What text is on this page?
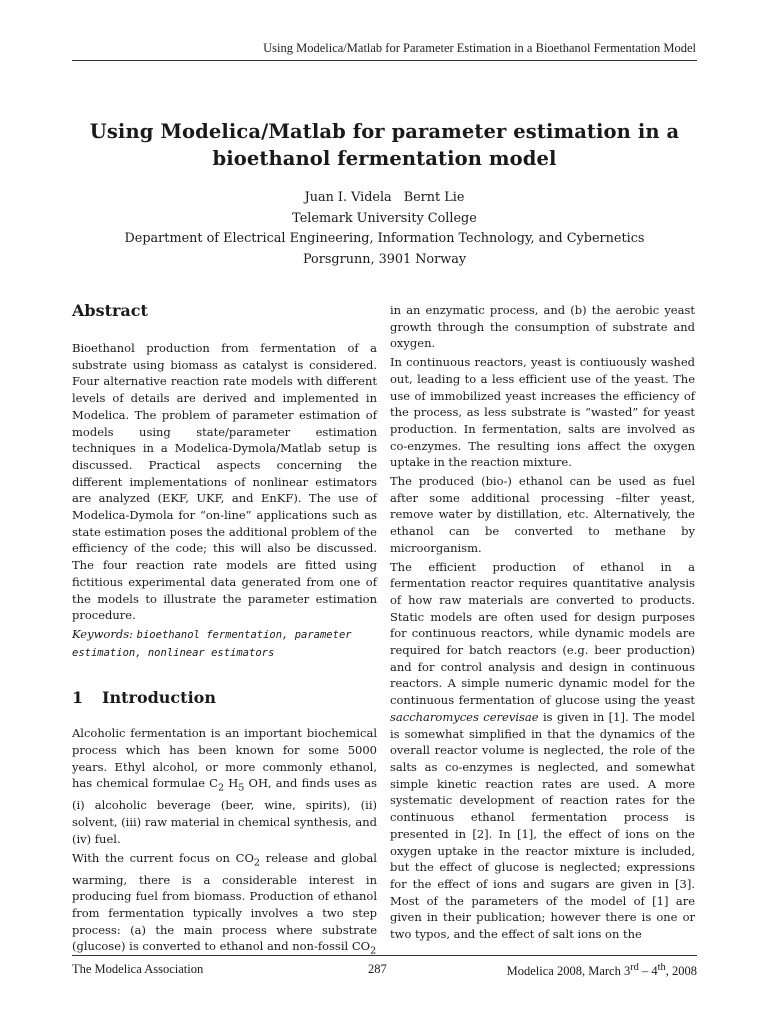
Using Modelica/Matlab for Parameter Estimation in a Bioethanol Fermentation Model
Using Modelica/Matlab for parameter estimation in a
bioethanol fermentation model
Juan I. Videla Bernt Lie
Telemark University College
Department of Electrical Engineering, Information Technology, and Cybernetics
Porsgrunn, 3901 Norway
Abstract

Bioethanol production from fermentation of a substrate using biomass as catalyst is considered. Four alternative reaction rate models with different levels of details are derived and implemented in Modelica. The problem of parameter estimation of models using state/parameter estimation techniques in a Modelica-Dymola/Matlab setup is discussed. Practical aspects concerning the different implementations of nonlinear estimators are analyzed (EKF, UKF, and EnKF). The use of Modelica-Dymola for “on-line” applications such as state estimation poses the additional problem of the efficiency of the code; this will also be discussed. The four reaction rate models are fitted using fictitious experimental data generated from one of the models to illustrate the parameter estimation procedure.

Keywords: bioethanol fermentation, parameter estimation, nonlinear estimators

1 Introduction

Alcoholic fermentation is an important biochemical process which has been known for some 5000 years. Ethyl alcohol, or more commonly ethanol, has chemical formulae $C_2$ $H_5$ OH, and finds uses as (i) alcoholic beverage (beer, wine, spirits), (ii) solvent, (iii) raw material in chemical synthesis, and (iv) fuel.

With the current focus on $CO_2$ release and global warming, there is a considerable interest in producing fuel from biomass. Production of ethanol from fermentation typically involves a two step process: (a) the main process where substrate (glucose) is converted to ethanol and non-fossil $CO_2$

in an enzymatic process, and (b) the aerobic yeast growth through the consumption of substrate and oxygen.

In continuous reactors, yeast is contiuously washed out, leading to a less efficient use of the yeast. The use of immobilized yeast increases the efficiency of the process, as less substrate is “wasted” for yeast production. In fermentation, salts are involved as co-enzymes. The resulting ions affect the oxygen uptake in the reaction mixture.

The produced (bio-) ethanol can be used as fuel after some additional processing –filter yeast, remove water by distillation, etc. Alternatively, the ethanol can be converted to methane by microorganism.

The efficient production of ethanol in a fermentation reactor requires quantitative analysis of how raw materials are converted to products. Static models are often used for design purposes for continuous reactors, while dynamic models are required for batch reactors (e.g. beer production) and for control analysis and design in continuous reactors. A simple numeric dynamic model for the continuous fermentation of glucose using the yeast saccharomyces cerevisae is given in [1]. The model is somewhat simplified in that the dynamics of the overall reactor volume is neglected, the role of the salts as co-enzymes is neglected, and somewhat simple kinetic reaction rates are used. A more systematic development of reaction rates for the continuous ethanol fermentation process is presented in [2]. In [1], the effect of ions on the oxygen uptake in the reactor mixture is included, but the effect of glucose is neglected; expressions for the effect of ions and sugars are given in [3]. Most of the parameters of the model of [1] are given in their publication; however there is one or two typos, and the effect of salt ions on the

The Modelica Association	287	Modelica 2008, March 3rd – 4th, 2008
